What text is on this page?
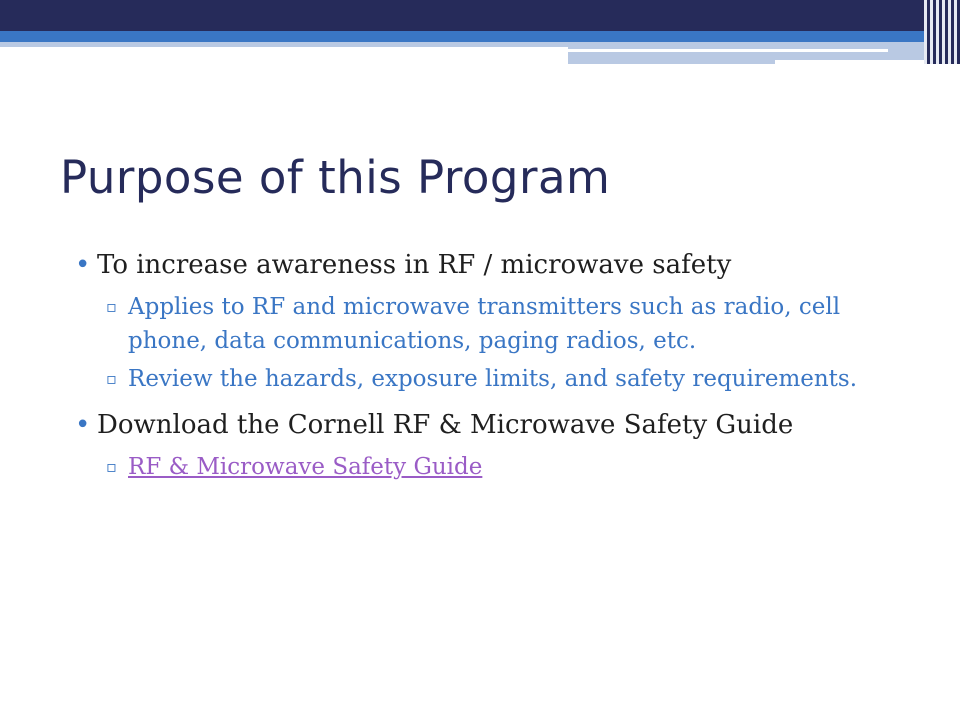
Purpose of this Program
• To increase awareness in RF / microwave safety
▫ Applies to RF and microwave transmitters such as radio, cell phone, data communications, paging radios, etc.
▫ Review the hazards, exposure limits, and safety requirements.
• Download the Cornell RF & Microwave Safety Guide
▫ RF & Microwave Safety Guide
